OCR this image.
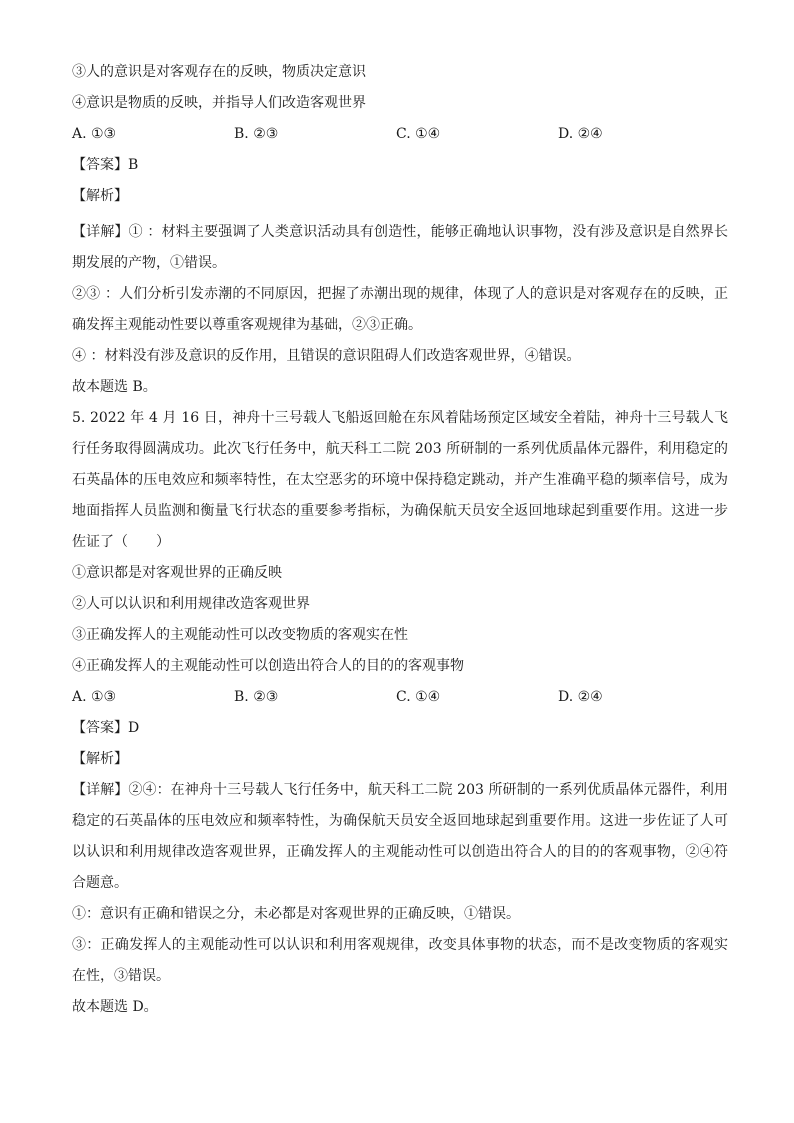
③人的意识是对客观存在的反映，物质决定意识
④意识是物质的反映，并指导人们改造客观世界
A. ①③	B. ②③	C. ①④	D. ②④
【答案】B
【解析】
【详解】① ：材料主要强调了人类意识活动具有创造性，能够正确地认识事物，没有涉及意识是自然界长期发展的产物，①错误。
②③ ：人们分析引发赤潮的不同原因，把握了赤潮出现的规律，体现了人的意识是对客观存在的反映，正确发挥主观能动性要以尊重客观规律为基础，②③正确。
④ ：材料没有涉及意识的反作用，且错误的意识阻碍人们改造客观世界，④错误。
故本题选 B。
5. 2022 年 4 月 16 日，神舟十三号载人飞船返回舱在东风着陆场预定区域安全着陆，神舟十三号载人飞行任务取得圆满成功。此次飞行任务中，航天科工二院 203 所研制的一系列优质晶体元器件，利用稳定的石英晶体的压电效应和频率特性，在太空恶劣的环境中保持稳定跳动，并产生准确平稳的频率信号，成为地面指挥人员监测和衡量飞行状态的重要参考指标，为确保航天员安全返回地球起到重要作用。这进一步佐证了（　　）
①意识都是对客观世界的正确反映
②人可以认识和利用规律改造客观世界
③正确发挥人的主观能动性可以改变物质的客观实在性
④正确发挥人的主观能动性可以创造出符合人的目的的客观事物
A. ①③	B. ②③	C. ①④	D. ②④
【答案】D
【解析】
【详解】②④：在神舟十三号载人飞行任务中，航天科工二院 203 所研制的一系列优质晶体元器件，利用稳定的石英晶体的压电效应和频率特性，为确保航天员安全返回地球起到重要作用。这进一步佐证了人可以认识和利用规律改造客观世界，正确发挥人的主观能动性可以创造出符合人的目的的客观事物，②④符合题意。
①：意识有正确和错误之分，未必都是对客观世界的正确反映，①错误。
③：正确发挥人的主观能动性可以认识和利用客观规律，改变具体事物的状态，而不是改变物质的客观实在性，③错误。
故本题选 D。
